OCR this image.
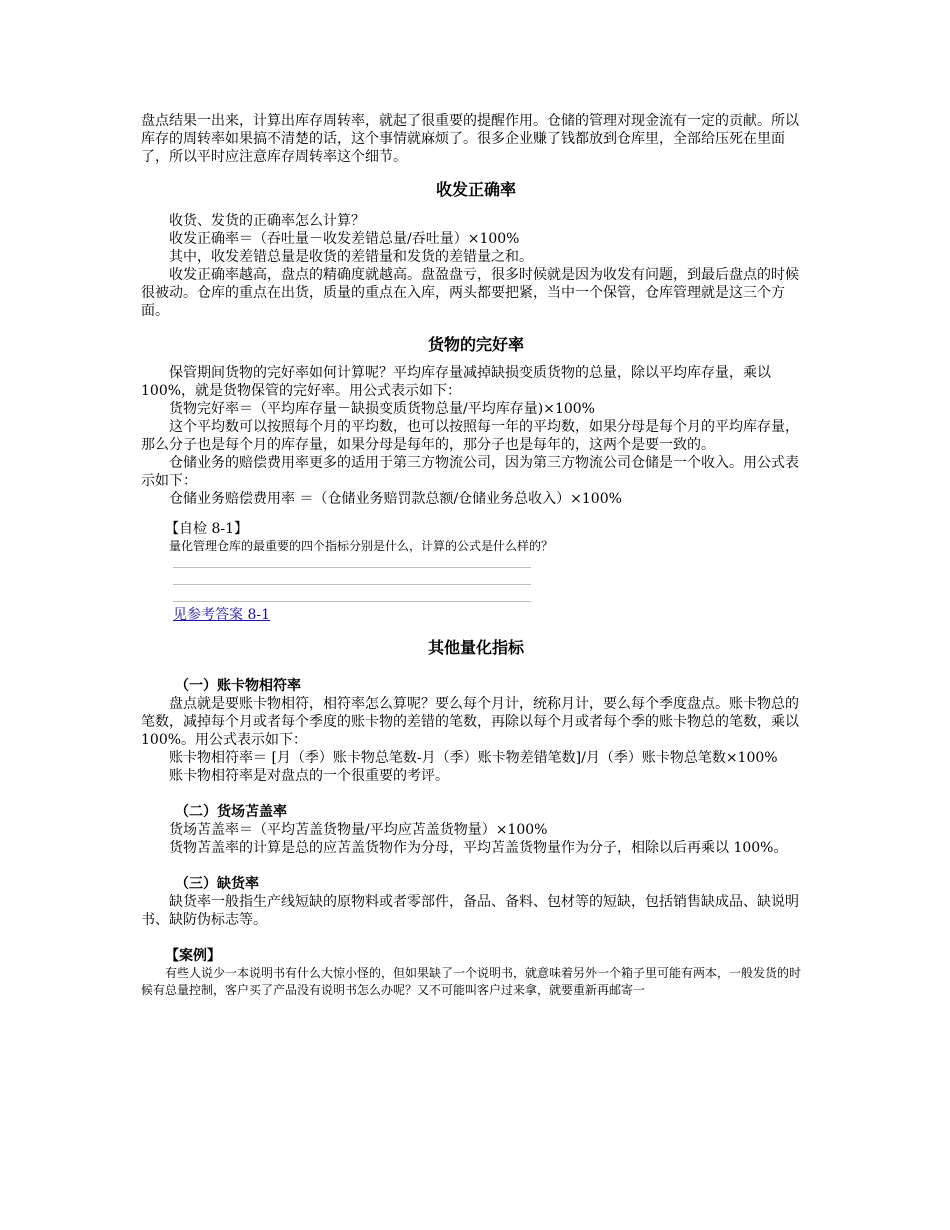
盘点结果一出来，计算出库存周转率，就起了很重要的提醒作用。仓储的管理对现金流有一定的贡献。所以库存的周转率如果搞不清楚的话，这个事情就麻烦了。很多企业赚了钱都放到仓库里，全部给压死在里面了，所以平时应注意库存周转率这个细节。

收发正确率

收货、发货的正确率怎么计算？

收发正确率＝（吞吐量－收发差错总量/吞吐量）×100%

其中，收发差错总量是收货的差错量和发货的差错量之和。

收发正确率越高，盘点的精确度就越高。盘盈盘亏，很多时候就是因为收发有问题，到最后盘点的时候很被动。仓库的重点在出货，质量的重点在入库，两头都要把紧，当中一个保管，仓库管理就是这三个方面。

货物的完好率

保管期间货物的完好率如何计算呢？平均库存量减掉缺损变质货物的总量，除以平均库存量，乘以 100%，就是货物保管的完好率。用公式表示如下：

货物完好率＝（平均库存量－缺损变质货物总量/平均库存量)×100%

这个平均数可以按照每个月的平均数，也可以按照每一年的平均数，如果分母是每个月的平均库存量，那么分子也是每个月的库存量，如果分母是每年的，那分子也是每年的，这两个是要一致的。

仓储业务的赔偿费用率更多的适用于第三方物流公司，因为第三方物流公司仓储是一个收入。用公式表示如下：

仓储业务赔偿费用率 ＝（仓储业务赔罚款总额/仓储业务总收入）×100%

【自检 8-1】

量化管理仓库的最重要的四个指标分别是什么，计算的公式是什么样的？

见参考答案 8-1

其他量化指标

（一）账卡物相符率

盘点就是要账卡物相符，相符率怎么算呢？要么每个月计，统称月计，要么每个季度盘点。账卡物总的笔数，减掉每个月或者每个季度的账卡物的差错的笔数，再除以每个月或者每个季的账卡物总的笔数，乘以 100%。用公式表示如下：

账卡物相符率＝ [月（季）账卡物总笔数-月（季）账卡物差错笔数]/月（季）账卡物总笔数×100%

账卡物相符率是对盘点的一个很重要的考评。

（二）货场苫盖率

货场苫盖率＝（平均苫盖货物量/平均应苫盖货物量）×100%

货物苫盖率的计算是总的应苫盖货物作为分母，平均苫盖货物量作为分子，相除以后再乘以 100%。

（三）缺货率

缺货率一般指生产线短缺的原物料或者零部件，备品、备料、包材等的短缺，包括销售缺成品、缺说明书、缺防伪标志等。

【案例】

有些人说少一本说明书有什么大惊小怪的，但如果缺了一个说明书，就意味着另外一个箱子里可能有两本，一般发货的时候有总量控制，客户买了产品没有说明书怎么办呢？又不可能叫客户过来拿，就要重新再邮寄一
